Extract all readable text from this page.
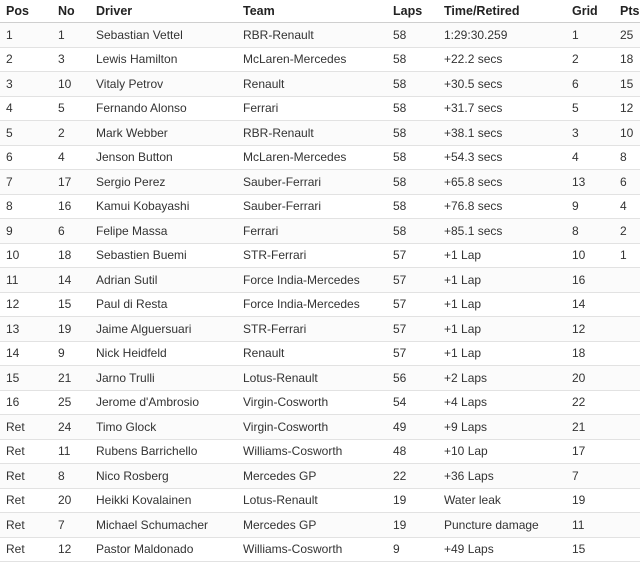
Pos	No	Driver	Team	Laps	Time/Retired	Grid	Pts
1	1	Sebastian Vettel	RBR-Renault	58	1:29:30.259	1	25
2	3	Lewis Hamilton	McLaren-Mercedes	58	+22.2 secs	2	18
3	10	Vitaly Petrov	Renault	58	+30.5 secs	6	15
4	5	Fernando Alonso	Ferrari	58	+31.7 secs	5	12
5	2	Mark Webber	RBR-Renault	58	+38.1 secs	3	10
6	4	Jenson Button	McLaren-Mercedes	58	+54.3 secs	4	8
7	17	Sergio Perez	Sauber-Ferrari	58	+65.8 secs	13	6
8	16	Kamui Kobayashi	Sauber-Ferrari	58	+76.8 secs	9	4
9	6	Felipe Massa	Ferrari	58	+85.1 secs	8	2
10	18	Sebastien Buemi	STR-Ferrari	57	+1 Lap	10	1
11	14	Adrian Sutil	Force India-Mercedes	57	+1 Lap	16	
12	15	Paul di Resta	Force India-Mercedes	57	+1 Lap	14	
13	19	Jaime Alguersuari	STR-Ferrari	57	+1 Lap	12	
14	9	Nick Heidfeld	Renault	57	+1 Lap	18	
15	21	Jarno Trulli	Lotus-Renault	56	+2 Laps	20	
16	25	Jerome d'Ambrosio	Virgin-Cosworth	54	+4 Laps	22	
Ret	24	Timo Glock	Virgin-Cosworth	49	+9 Laps	21	
Ret	11	Rubens Barrichello	Williams-Cosworth	48	+10 Lap	17	
Ret	8	Nico Rosberg	Mercedes GP	22	+36 Laps	7	
Ret	20	Heikki Kovalainen	Lotus-Renault	19	Water leak	19	
Ret	7	Michael Schumacher	Mercedes GP	19	Puncture damage	11	
Ret	12	Pastor Maldonado	Williams-Cosworth	9	+49 Laps	15	
